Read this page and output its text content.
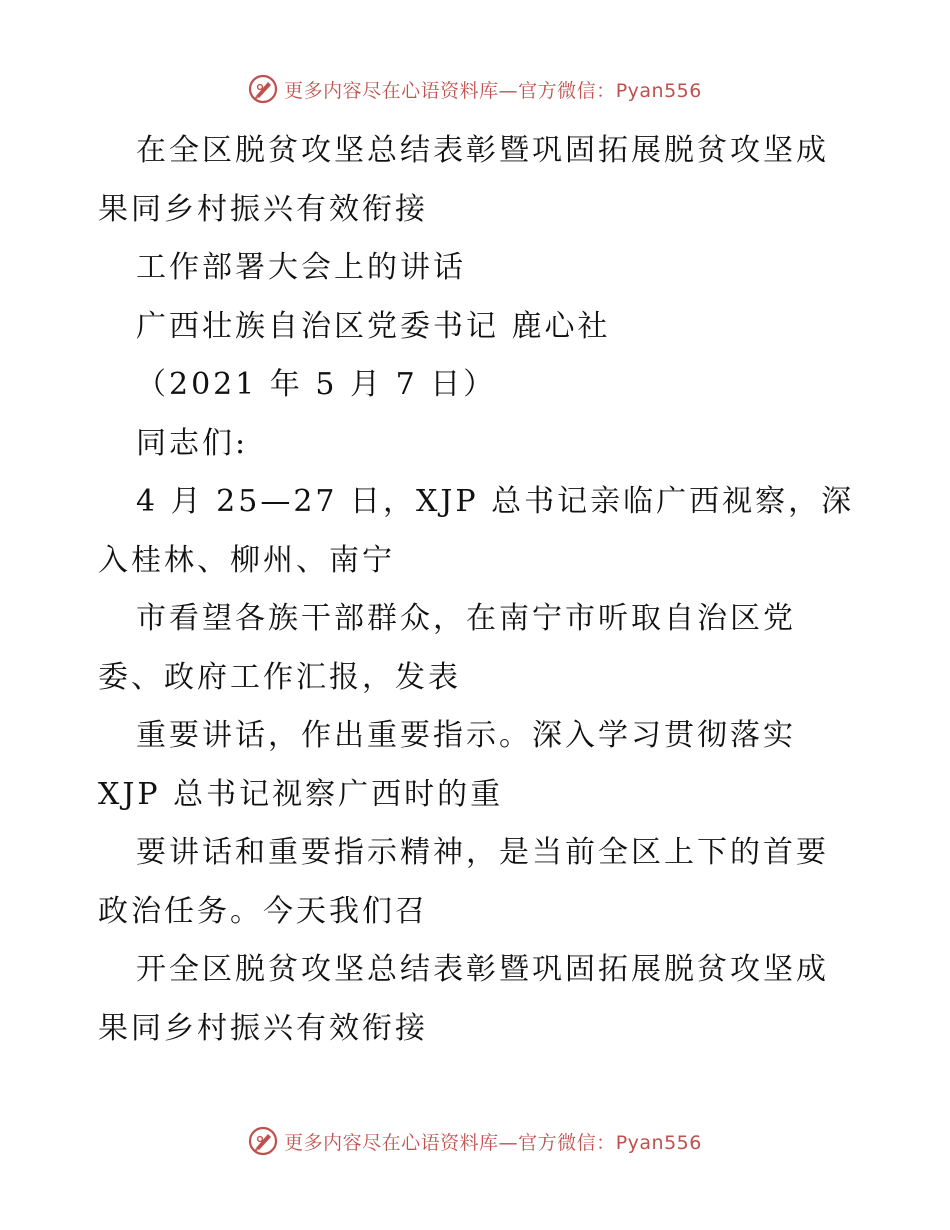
更多内容尽在心语资料库—官方微信：Pyan556
在全区脱贫攻坚总结表彰暨巩固拓展脱贫攻坚成
果同乡村振兴有效衔接
工作部署大会上的讲话
广西壮族自治区党委书记 鹿心社
（2021 年 5 月 7 日）
同志们:
4 月 25—27 日，XJP 总书记亲临广西视察，深
入桂林、柳州、南宁
市看望各族干部群众，在南宁市听取自治区党
委、政府工作汇报，发表
重要讲话，作出重要指示。深入学习贯彻落实
XJP 总书记视察广西时的重
要讲话和重要指示精神，是当前全区上下的首要
政治任务。今天我们召
开全区脱贫攻坚总结表彰暨巩固拓展脱贫攻坚成
果同乡村振兴有效衔接
更多内容尽在心语资料库—官方微信：Pyan556
